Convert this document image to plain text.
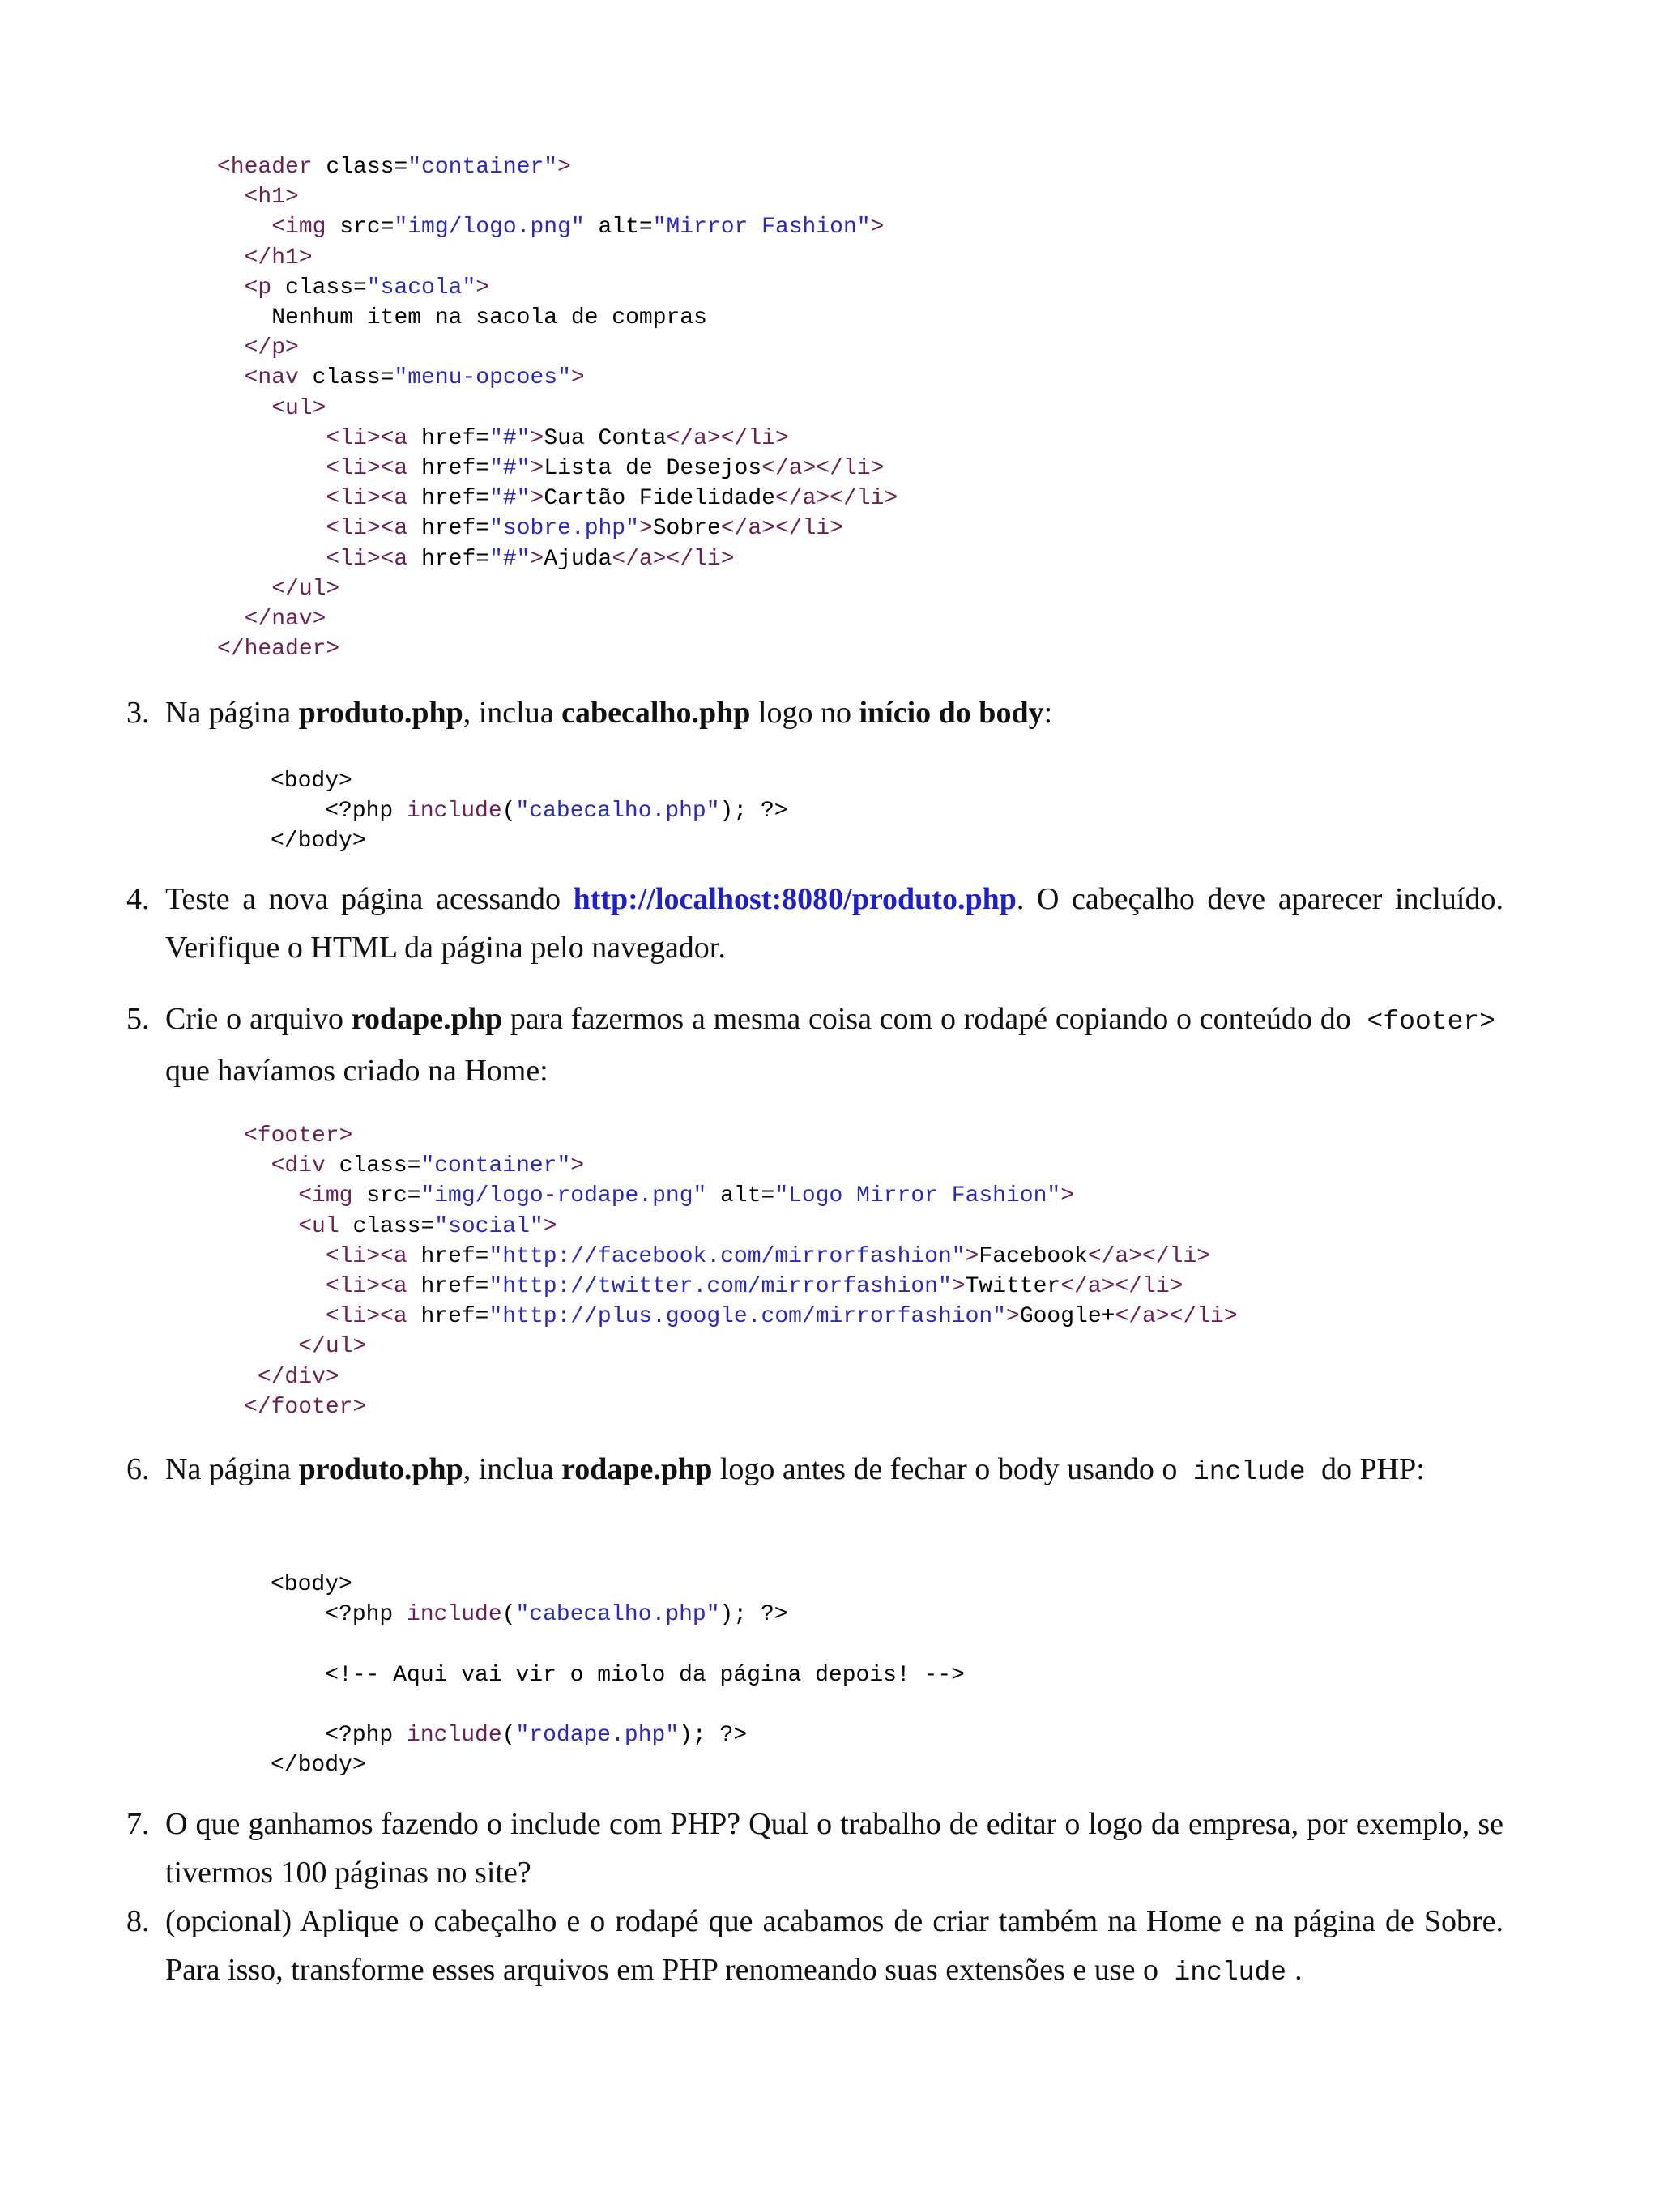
<header class="container">
<h1>
<img src="img/logo.png" alt="Mirror Fashion">
</h1>
<p class="sacola">
Nenhum item na sacola de compras
</p>
<nav class="menu-opcoes">
<ul>
<li><a href="#">Sua Conta</a></li>
<li><a href="#">Lista de Desejos</a></li>
<li><a href="#">Cartão Fidelidade</a></li>
<li><a href="sobre.php">Sobre</a></li>
<li><a href="#">Ajuda</a></li>
</ul>
</nav>
</header>

3. Na página produto.php, inclua cabecalho.php logo no início do body:

<body>
<?php include("cabecalho.php"); ?>
</body>
4. Teste a nova página acessando http://localhost:8080/produto.php. O cabeçalho deve aparecer incluído. Verifique o HTML da página pelo navegador.
5. Crie o arquivo rodape.php para fazermos a mesma coisa com o rodapé copiando o conteúdo do <footer> que havíamos criado na Home:
<footer>
<div class="container">
<img src="img/logo-rodape.png" alt="Logo Mirror Fashion">
<ul class="social">
<li><a href="http://facebook.com/mirrorfashion">Facebook</a></li>
<li><a href="http://twitter.com/mirrorfashion">Twitter</a></li>
<li><a href="http://plus.google.com/mirrorfashion">Google+</a></li>
</ul>
</div>
</footer>
6. Na página produto.php, inclua rodape.php logo antes de fechar o body usando o include do PHP:
<body>
<?php include("cabecalho.php"); ?>

<!-- Aqui vai vir o miolo da página depois! -->

<?php include("rodape.php"); ?>
</body>
7. O que ganhamos fazendo o include com PHP? Qual o trabalho de editar o logo da empresa, por exemplo, se tivermos 100 páginas no site?
8. (opcional) Aplique o cabeçalho e o rodapé que acabamos de criar também na Home e na página de Sobre. Para isso, transforme esses arquivos em PHP renomeando suas extensões e use o include .
